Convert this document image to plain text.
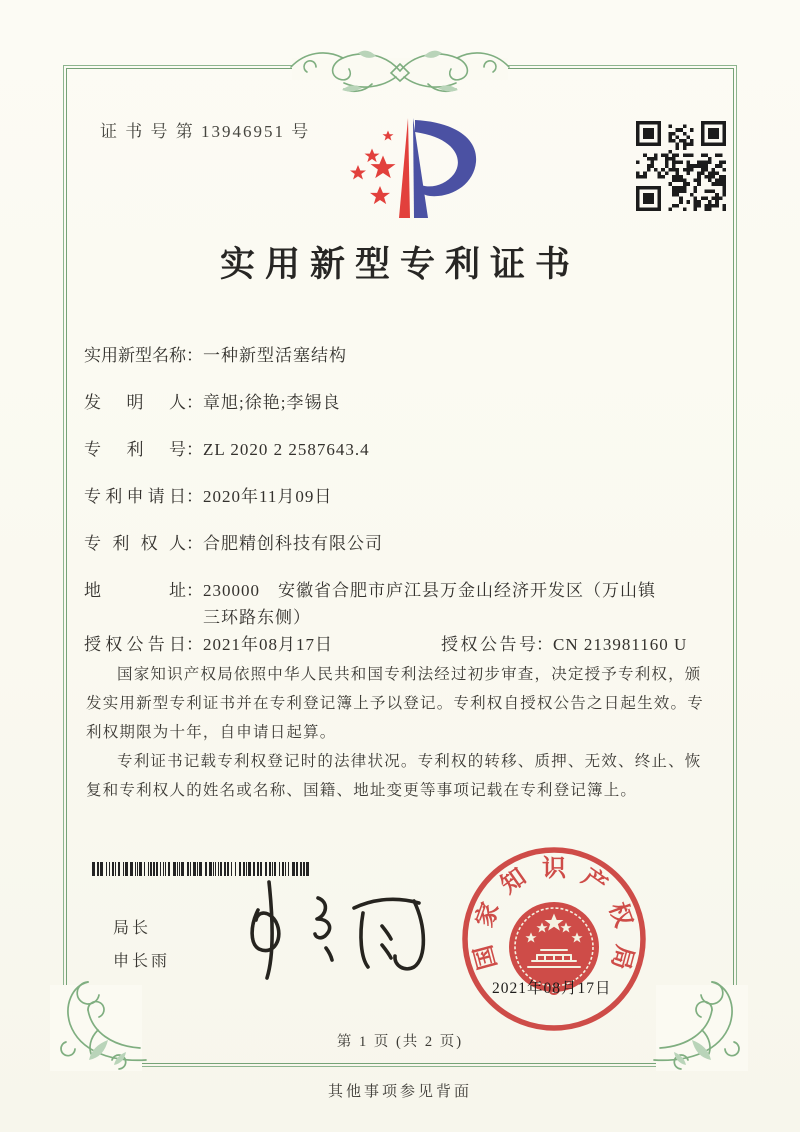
证 书 号 第 13946951 号
实用新型专利证书
实用新型名称 ： 一种新型活塞结构
发明人 ： 章旭;徐艳;李锡良
专利号 ： ZL 2020 2 2587643.4
专利申请日 ： 2020年11月09日
专利权人 ： 合肥精创科技有限公司
地址 ： 230000　安徽省合肥市庐江县万金山经济开发区（万山镇
三环路东侧）
授权公告日 ： 2021年08月17日	授权公告号 ： CN 213981160 U

国家知识产权局依照中华人民共和国专利法经过初步审查，决定授予专利权，颁发实用新型专利证书并在专利登记簿上予以登记。专利权自授权公告之日起生效。专利权期限为十年，自申请日起算。

专利证书记载专利权登记时的法律状况。专利权的转移、质押、无效、终止、恢复和专利权人的姓名或名称、国籍、地址变更等事项记载在专利登记簿上。

局长
申长雨	国
家
知 识 产
权
局
2021年08月17日
第 1 页 (共 2 页)
其他事项参见背面
